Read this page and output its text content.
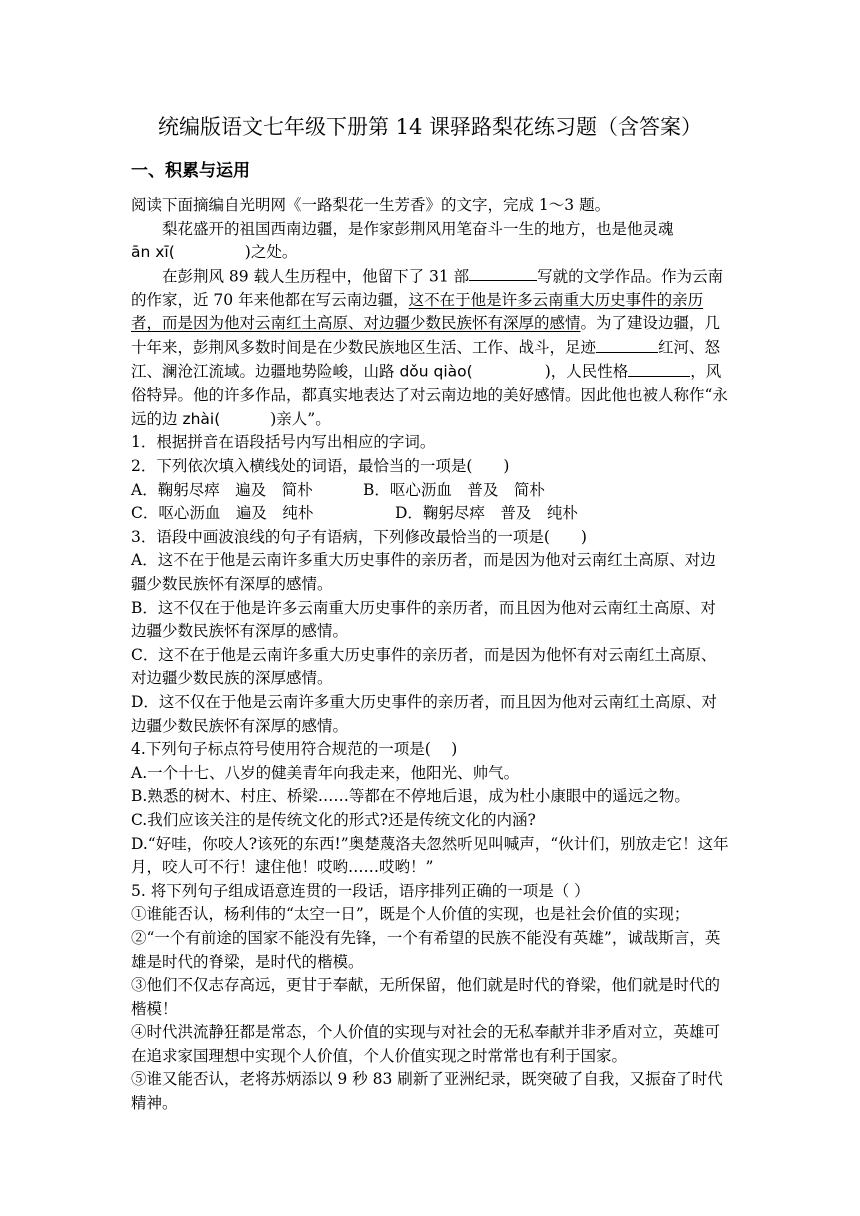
统编版语文七年级下册第 14 课驿路梨花练习题（含答案）
一、积累与运用

阅读下面摘编自光明网《一路梨花一生芳香》的文字，完成 1～3 题。

梨花盛开的祖国西南边疆，是作家彭荆风用笔奋斗一生的地方，也是他灵魂
ān xī(	)之处。

在彭荆风 89 载人生历程中，他留下了 31 部	写就的文学作品。作为云南的作家，近 70 年来他都在写云南边疆，这不在于他是许多云南重大历史事件的亲历者，而是因为他对云南红土高原、对边疆少数民族怀有深厚的感情。为了建设边疆，几十年来，彭荆风多数时间是在少数民族地区生活、工作、战斗，足迹	红河、怒江、澜沧江流域。边疆地势险峻，山路 dǒu qiào(	)，人民性格	，风俗特异。他的许多作品，都真实地表达了对云南边地的美好感情。因此他也被人称作“永远的边 zhài(	)亲人”。

1．根据拼音在语段括号内写出相应的字词。

2．下列依次填入横线处的词语，最恰当的一项是(　　)

A．鞠躬尽瘁　遍及　简朴	B．呕心沥血　普及　简朴

C．呕心沥血　遍及　纯朴	D．鞠躬尽瘁　普及　纯朴

3．语段中画波浪线的句子有语病，下列修改最恰当的一项是(　　)

A．这不在于他是云南许多重大历史事件的亲历者，而是因为他对云南红土高原、对边疆少数民族怀有深厚的感情。

B．这不仅在于他是许多云南重大历史事件的亲历者，而且因为他对云南红土高原、对边疆少数民族怀有深厚的感情。

C．这不在于他是云南许多重大历史事件的亲历者，而是因为他怀有对云南红土高原、对边疆少数民族的深厚感情。

D．这不仅在于他是云南许多重大历史事件的亲历者，而且因为他对云南红土高原、对边疆少数民族怀有深厚的感情。

4.下列句子标点符号使用符合规范的一项是(　 )

A.一个十七、八岁的健美青年向我走来，他阳光、帅气。

B.熟悉的树木、村庄、桥梁……等都在不停地后退，成为杜小康眼中的遥远之物。

C.我们应该关注的是传统文化的形式?还是传统文化的内涵?

D.“好哇，你咬人?该死的东西!”奥楚蔑洛夫忽然听见叫喊声，“伙计们，别放走它！这年月，咬人可不行！逮住他！哎哟……哎哟！”

5. 将下列句子组成语意连贯的一段话，语序排列正确的一项是（ ）

①谁能否认，杨利伟的“太空一日”，既是个人价值的实现，也是社会价值的实现；

②“一个有前途的国家不能没有先锋，一个有希望的民族不能没有英雄”，诚哉斯言，英雄是时代的脊梁，是时代的楷模。

③他们不仅志存高远，更甘于奉献，无所保留，他们就是时代的脊梁，他们就是时代的楷模！

④时代洪流静狂都是常态，个人价值的实现与对社会的无私奉献并非矛盾对立，英雄可在追求家国理想中实现个人价值，个人价值实现之时常常也有利于国家。

⑤谁又能否认，老将苏炳添以 9 秒 83 刷新了亚洲纪录，既突破了自我，又振奋了时代精神。
